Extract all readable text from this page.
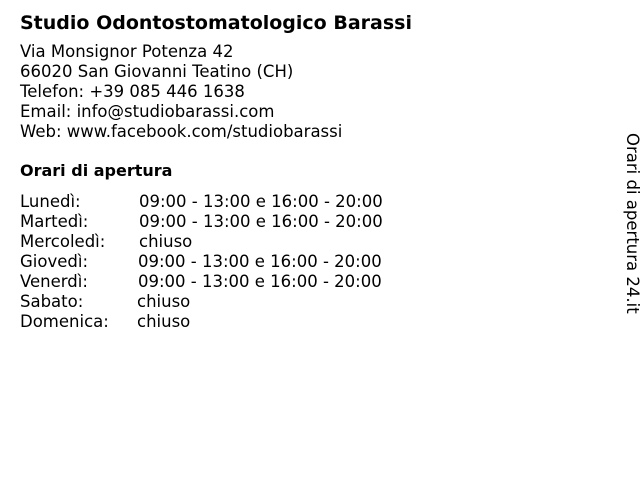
Studio Odontostomatologico Barassi
Via Monsignor Potenza 42
66020 San Giovanni Teatino (CH)
Telefon: +39 085 446 1638
Email: info@studiobarassi.com
Web: www.facebook.com/studiobarassi
Orari di apertura
Lunedì:	09:00 - 13:00 e 16:00 - 20:00
Martedì:	09:00 - 13:00 e 16:00 - 20:00
Mercoledì: chiuso
Giovedì:	09:00 - 13:00 e 16:00 - 20:00
Venerdì:	09:00 - 13:00 e 16:00 - 20:00
Sabato:	chiuso
Domenica: chiuso
Orari di apertura 24.it
